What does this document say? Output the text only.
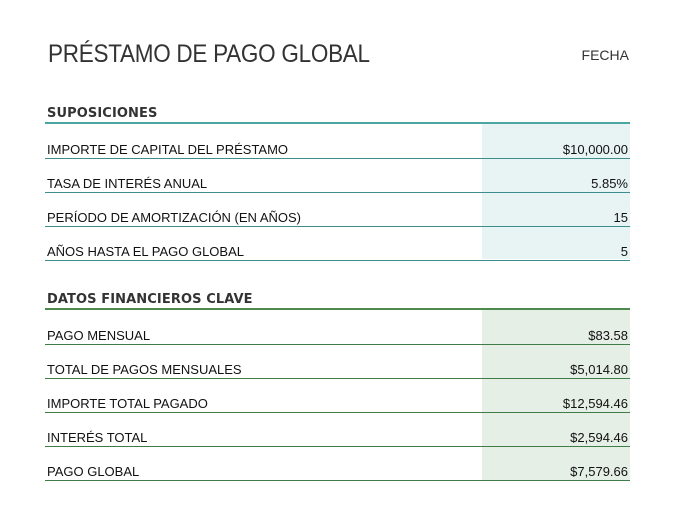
PRÉSTAMO DE PAGO GLOBAL	FECHA
SUPOSICIONES
IMPORTE DE CAPITAL DEL PRÉSTAMO	$10,000.00
TASA DE INTERÉS ANUAL	5.85%
PERÍODO DE AMORTIZACIÓN (EN AÑOS)	15
AÑOS HASTA EL PAGO GLOBAL	5
DATOS FINANCIEROS CLAVE
PAGO MENSUAL	$83.58
TOTAL DE PAGOS MENSUALES	$5,014.80
IMPORTE TOTAL PAGADO	$12,594.46
INTERÉS TOTAL	$2,594.46
PAGO GLOBAL	$7,579.66
